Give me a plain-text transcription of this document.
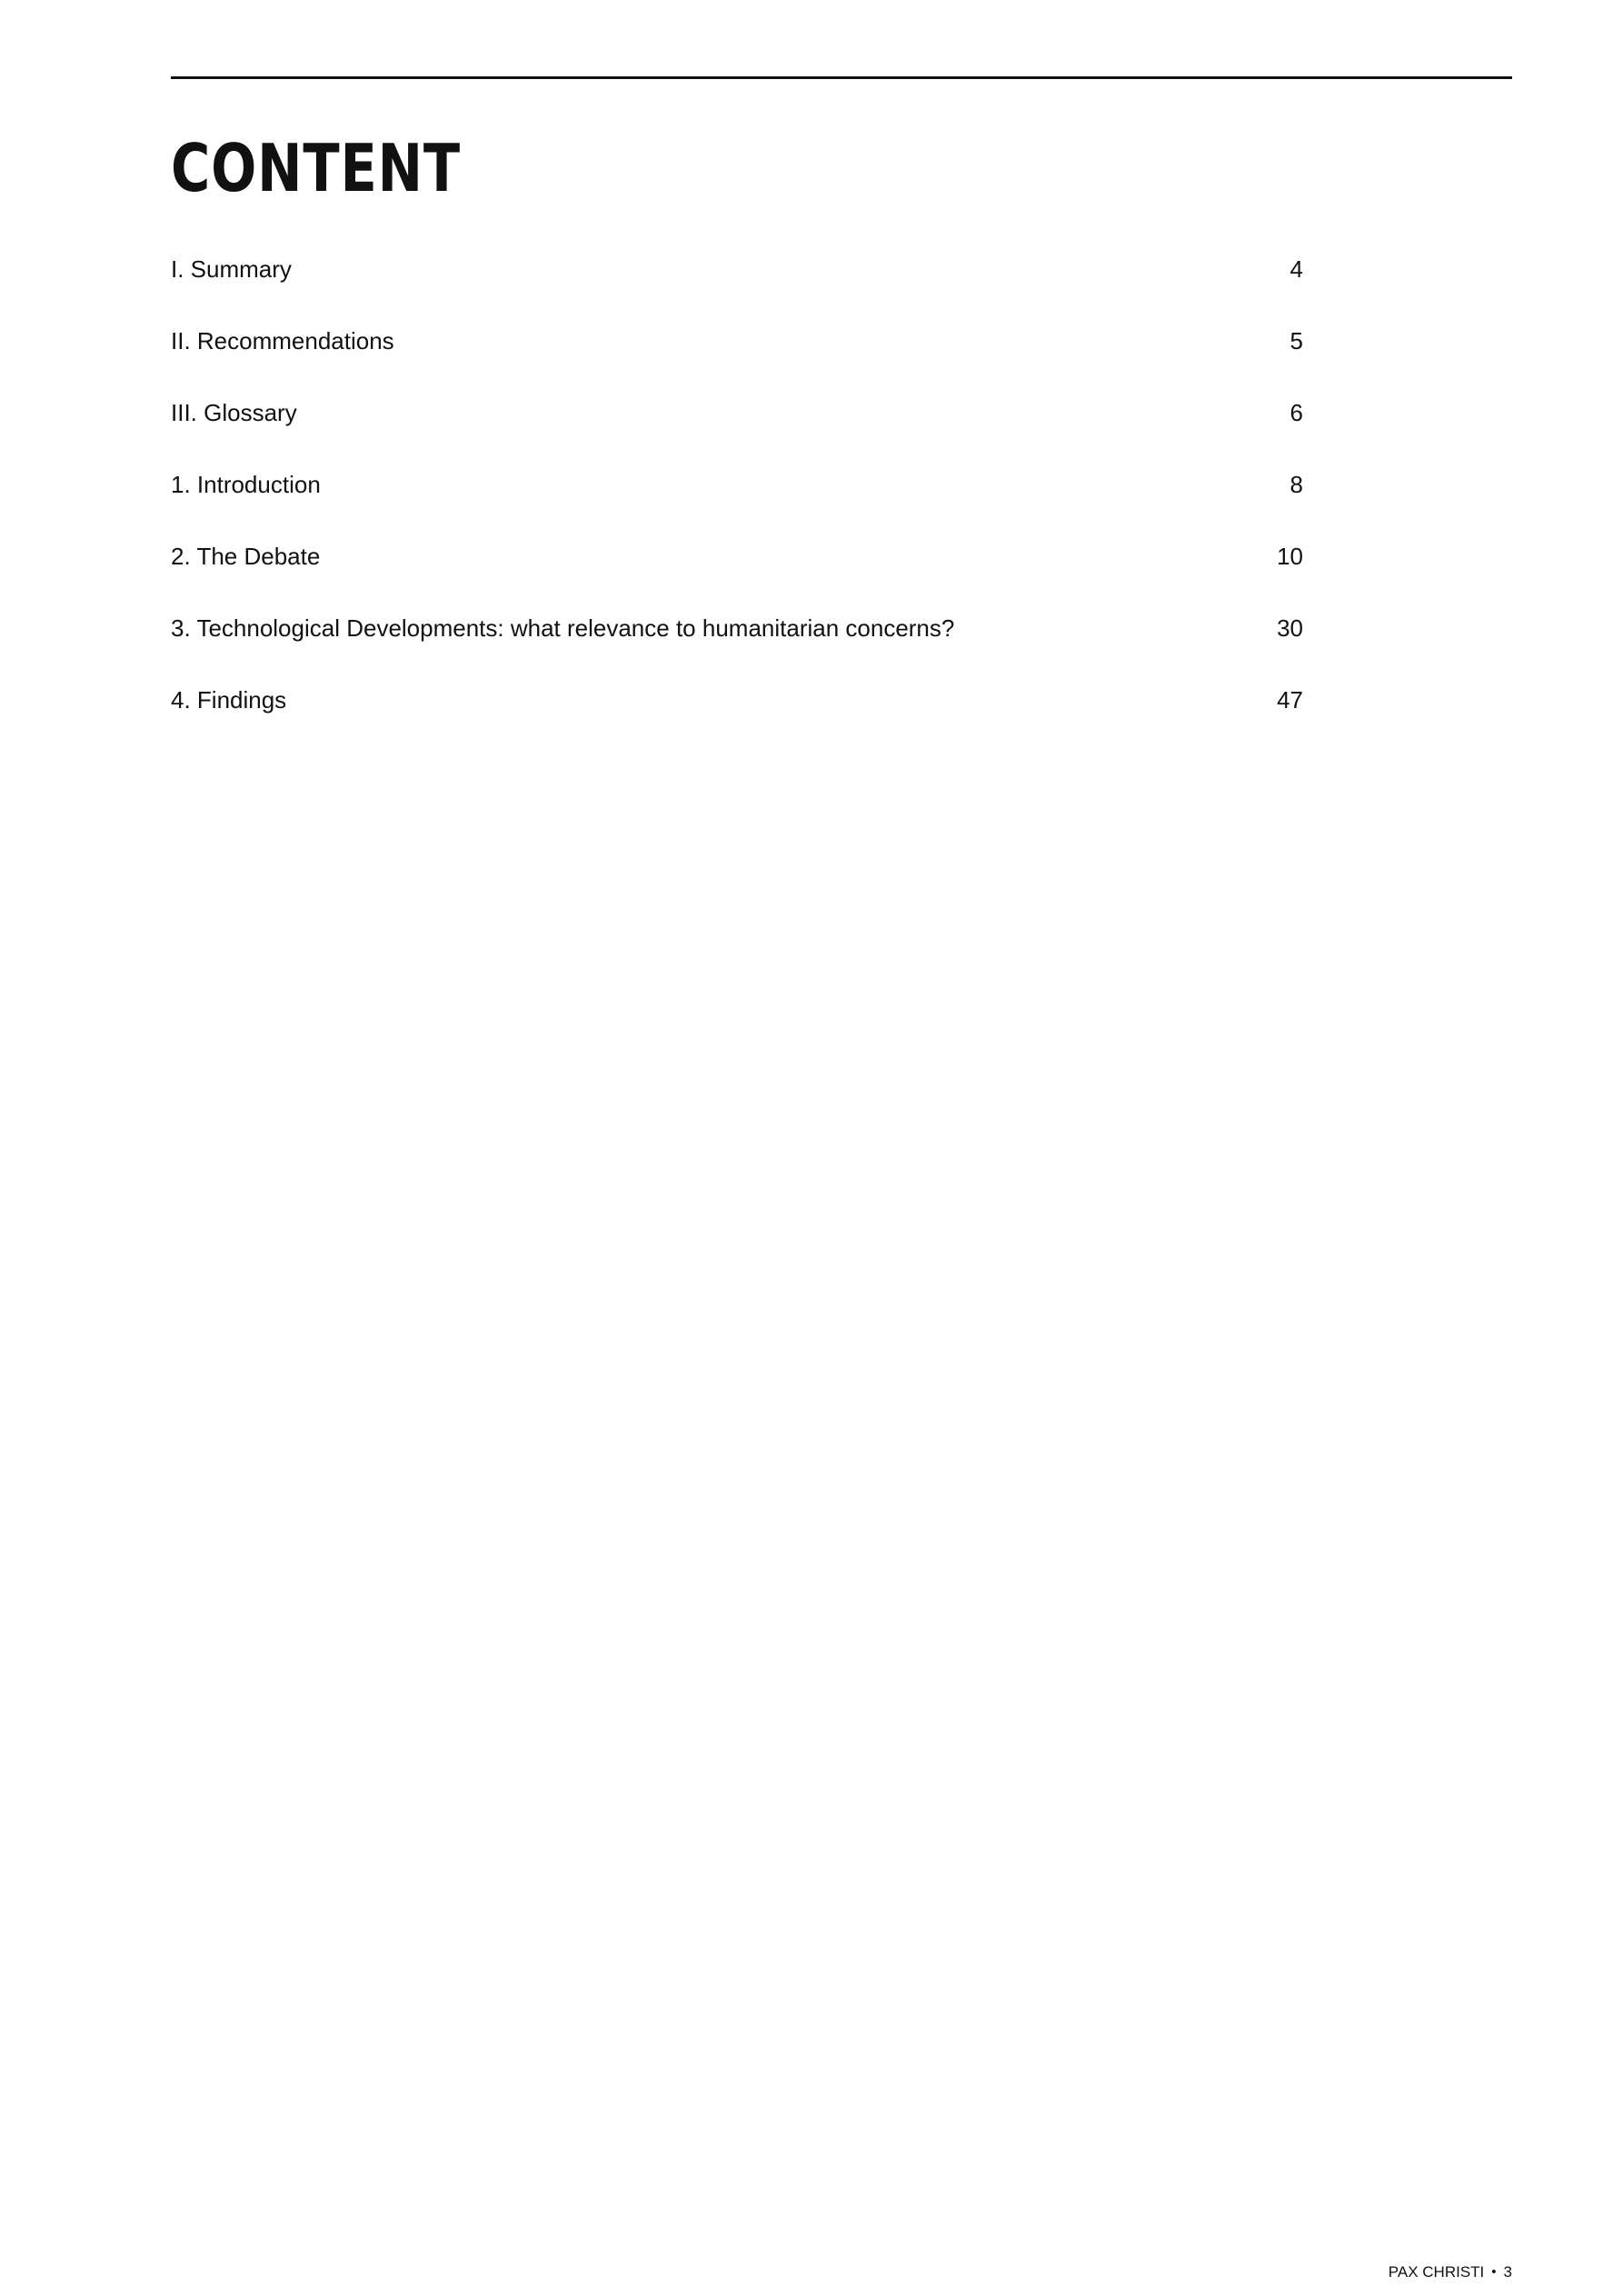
CONTENT
I. Summary	4
II. Recommendations	5
III. Glossary	6
1. Introduction	8
2. The Debate	10
3. Technological Developments: what relevance to humanitarian concerns?	30
4. Findings	47
PAX CHRISTI • 3
